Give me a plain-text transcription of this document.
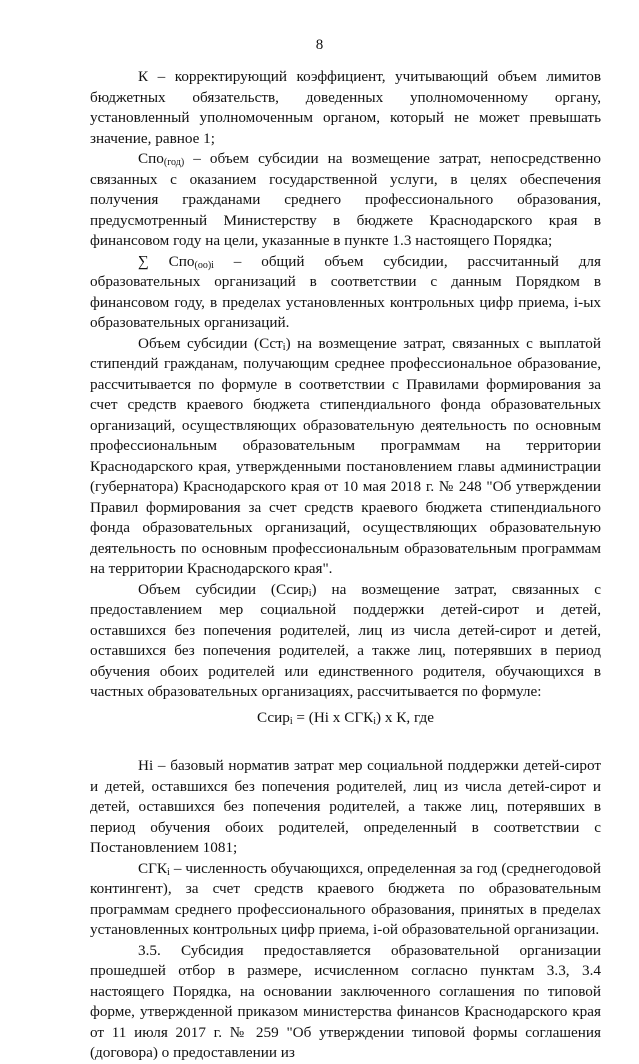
8

К – корректирующий коэффициент, учитывающий объем лимитов бюджетных обязательств, доведенных уполномоченному органу, установленный уполномоченным органом, который не может превышать значение, равное 1;

Спо$_{(год)}$ – объем субсидии на возмещение затрат, непосредственно связанных с оказанием государственной услуги, в целях обеспечения получения гражданами среднего профессионального образования, предусмотренный Министерству в бюджете Краснодарского края в финансовом году на цели, указанные в пункте 1.3 настоящего Порядка;

∑ Спо$_{(оо)i}$ – общий объем субсидии, рассчитанный для образовательных организаций в соответствии с данным Порядком в финансовом году, в пределах установленных контрольных цифр приема, i-ых образовательных организаций.

Объем субсидии (Сст$_i$) на возмещение затрат, связанных с выплатой стипендий гражданам, получающим среднее профессиональное образование, рассчитывается по формуле в соответствии с Правилами формирования за счет средств краевого бюджета стипендиального фонда образовательных организаций, осуществляющих образовательную деятельность по основным профессиональным образовательным программам на территории Краснодарского края, утвержденными постановлением главы администрации (губернатора) Краснодарского края от 10 мая 2018 г. № 248 "Об утверждении Правил формирования за счет средств краевого бюджета стипендиального фонда образовательных организаций, осуществляющих образовательную деятельность по основным профессиональным образовательным программам на территории Краснодарского края".

Объем субсидии (Ссир$_i$) на возмещение затрат, связанных с предоставлением мер социальной поддержки детей-сирот и детей, оставшихся без попечения родителей, лиц из числа детей-сирот и детей, оставшихся без попечения родителей, а также лиц, потерявших в период обучения обоих родителей или единственного родителя, обучающихся в частных образовательных организациях, рассчитывается по формуле:

Ссир$_i$ = (Нi х $СГК_i$) х К, где

Нi – базовый норматив затрат мер социальной поддержки детей-сирот и детей, оставшихся без попечения родителей, лиц из числа детей-сирот и детей, оставшихся без попечения родителей, а также лиц, потерявших в период обучения обоих родителей, определенный в соответствии с Постановлением 1081;

$СГК_i$ – численность обучающихся, определенная за год (среднегодовой контингент), за счет средств краевого бюджета по образовательным программам среднего профессионального образования, принятых в пределах установленных контрольных цифр приема, i-ой образовательной организации.

3.5. Субсидия предоставляется образовательной организации прошедшей отбор в размере, исчисленном согласно пунктам 3.3, 3.4 настоящего Порядка, на основании заключенного соглашения по типовой форме, утвержденной приказом министерства финансов Краснодарского края от 11 июля 2017 г. № 259 "Об утверждении типовой формы соглашения (договора) о предоставлении из
